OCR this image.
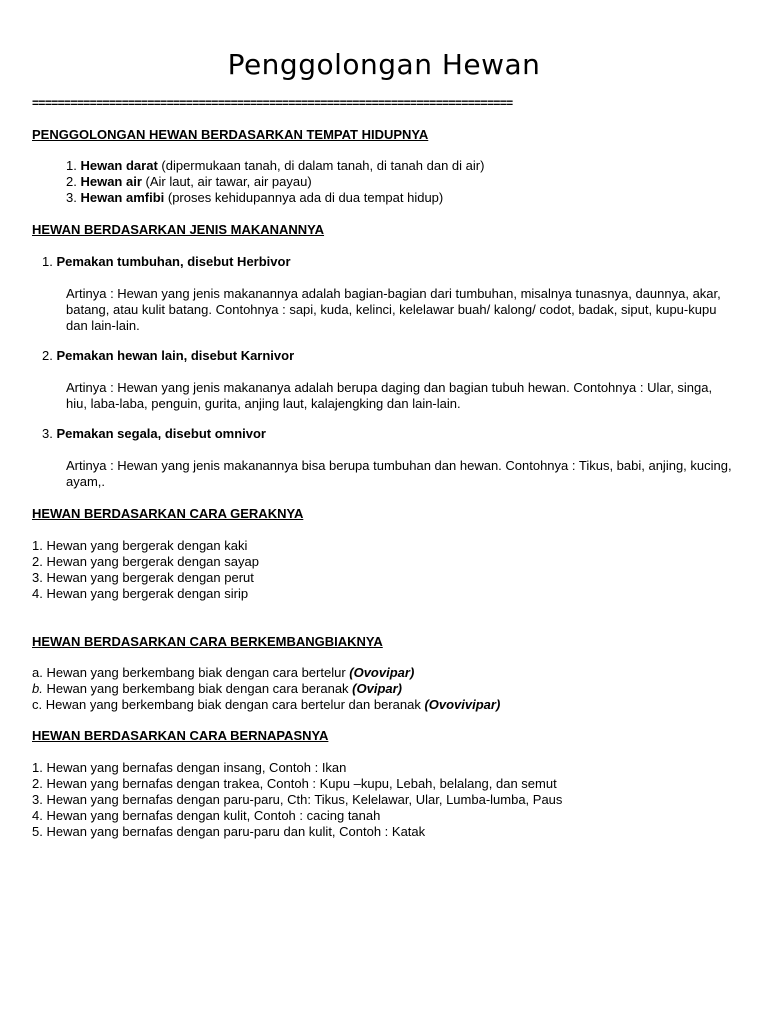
Penggolongan Hewan
===========================================================================
PENGGOLONGAN HEWAN BERDASARKAN TEMPAT HIDUPNYA
1. Hewan darat (dipermukaan tanah, di dalam tanah, di tanah dan di air)
2. Hewan air (Air laut, air tawar, air payau)
3. Hewan amfibi (proses kehidupannya ada di dua tempat hidup)
HEWAN BERDASARKAN JENIS MAKANANNYA
1. Pemakan tumbuhan, disebut Herbivor
Artinya : Hewan yang jenis makanannya adalah bagian-bagian dari tumbuhan, misalnya tunasnya, daunnya, akar, batang, atau kulit batang. Contohnya : sapi, kuda, kelinci, kelelawar buah/ kalong/ codot, badak, siput, kupu-kupu dan lain-lain.
2. Pemakan hewan lain, disebut Karnivor
Artinya : Hewan yang jenis makananya adalah berupa daging dan bagian tubuh hewan. Contohnya : Ular, singa, hiu, laba-laba, penguin, gurita, anjing laut, kalajengking dan lain-lain.
3. Pemakan segala, disebut omnivor
Artinya : Hewan yang jenis makanannya bisa berupa tumbuhan dan hewan. Contohnya : Tikus, babi, anjing, kucing, ayam,.
HEWAN BERDASARKAN CARA GERAKNYA
1. Hewan yang bergerak dengan kaki
2. Hewan yang bergerak dengan sayap
3. Hewan yang bergerak dengan perut
4. Hewan yang bergerak dengan sirip
HEWAN BERDASARKAN CARA BERKEMBANGBIAKNYA
a. Hewan yang berkembang biak dengan cara bertelur (Ovovipar)
b. Hewan yang berkembang biak dengan cara beranak (Ovipar)
c. Hewan yang berkembang biak dengan cara bertelur dan beranak (Ovovivipar)
HEWAN BERDASARKAN CARA BERNAPASNYA
1. Hewan yang bernafas dengan insang, Contoh : Ikan
2. Hewan yang bernafas dengan trakea, Contoh : Kupu –kupu, Lebah, belalang, dan semut
3. Hewan yang bernafas dengan paru-paru, Cth: Tikus, Kelelawar, Ular, Lumba-lumba, Paus
4. Hewan yang bernafas dengan kulit, Contoh : cacing tanah
5. Hewan yang bernafas dengan paru-paru dan kulit, Contoh : Katak
